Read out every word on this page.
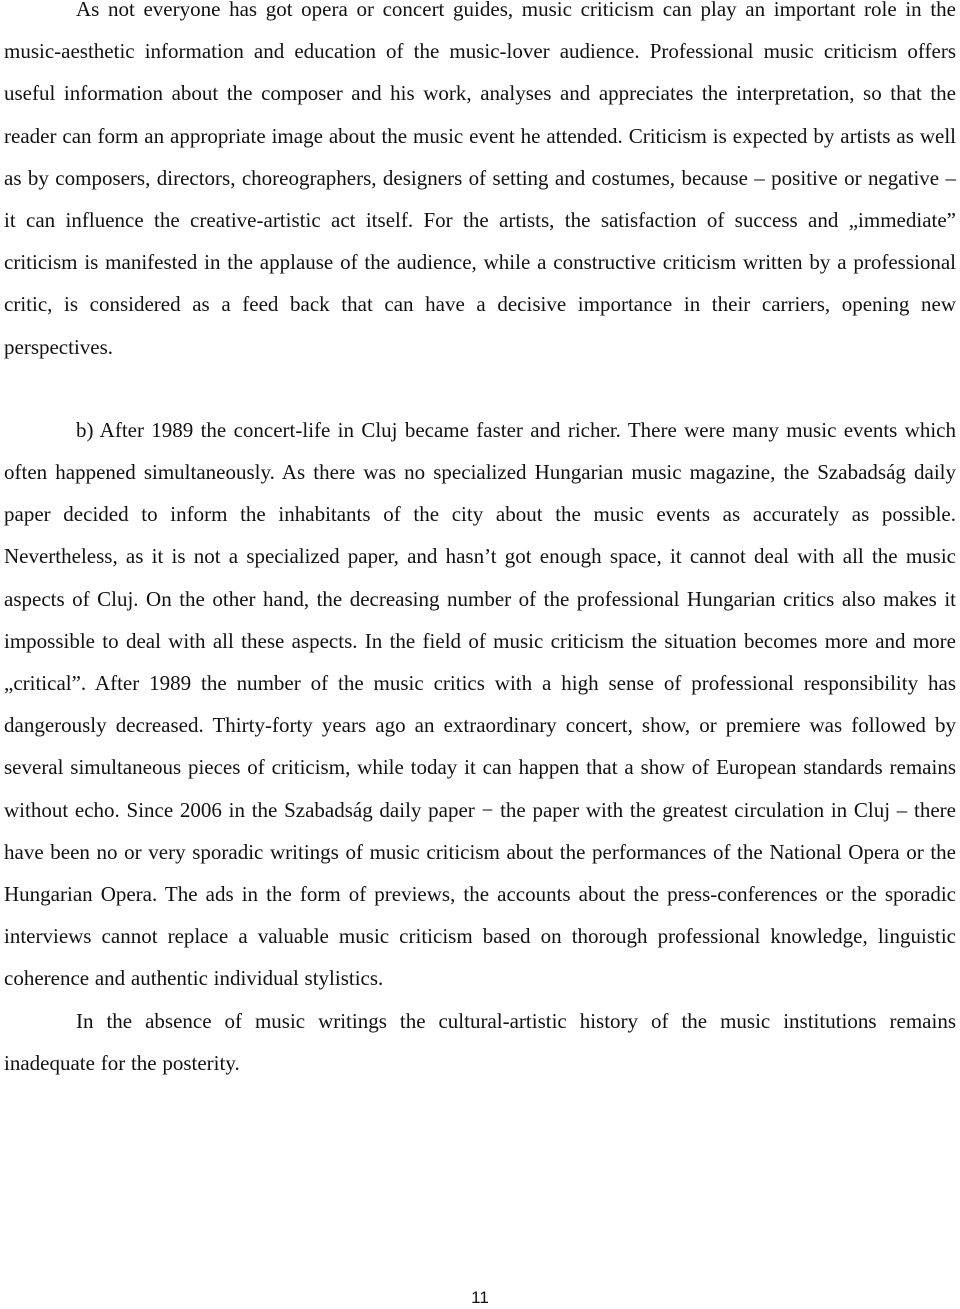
As not everyone has got opera or concert guides, music criticism can play an important role in the music-aesthetic information and education of the music-lover audience. Professional music criticism offers useful information about the composer and his work, analyses and appreciates the interpretation, so that the reader can form an appropriate image about the music event he attended. Criticism is expected by artists as well as by composers, directors, choreographers, designers of setting and costumes, because – positive or negative – it can influence the creative-artistic act itself. For the artists, the satisfaction of success and „immediate” criticism is manifested in the applause of the audience, while a constructive criticism written by a professional critic, is considered as a feed back that can have a decisive importance in their carriers, opening new perspectives.

b) After 1989 the concert-life in Cluj became faster and richer. There were many music events which often happened simultaneously. As there was no specialized Hungarian music magazine, the Szabadság daily paper decided to inform the inhabitants of the city about the music events as accurately as possible. Nevertheless, as it is not a specialized paper, and hasn’t got enough space, it cannot deal with all the music aspects of Cluj. On the other hand, the decreasing number of the professional Hungarian critics also makes it impossible to deal with all these aspects. In the field of music criticism the situation becomes more and more „critical”. After 1989 the number of the music critics with a high sense of professional responsibility has dangerously decreased. Thirty-forty years ago an extraordinary concert, show, or premiere was followed by several simultaneous pieces of criticism, while today it can happen that a show of European standards remains without echo. Since 2006 in the Szabadság daily paper − the paper with the greatest circulation in Cluj – there have been no or very sporadic writings of music criticism about the performances of the National Opera or the Hungarian Opera. The ads in the form of previews, the accounts about the press-conferences or the sporadic interviews cannot replace a valuable music criticism based on thorough professional knowledge, linguistic coherence and authentic individual stylistics.

In the absence of music writings the cultural-artistic history of the music institutions remains inadequate for the posterity.

11
